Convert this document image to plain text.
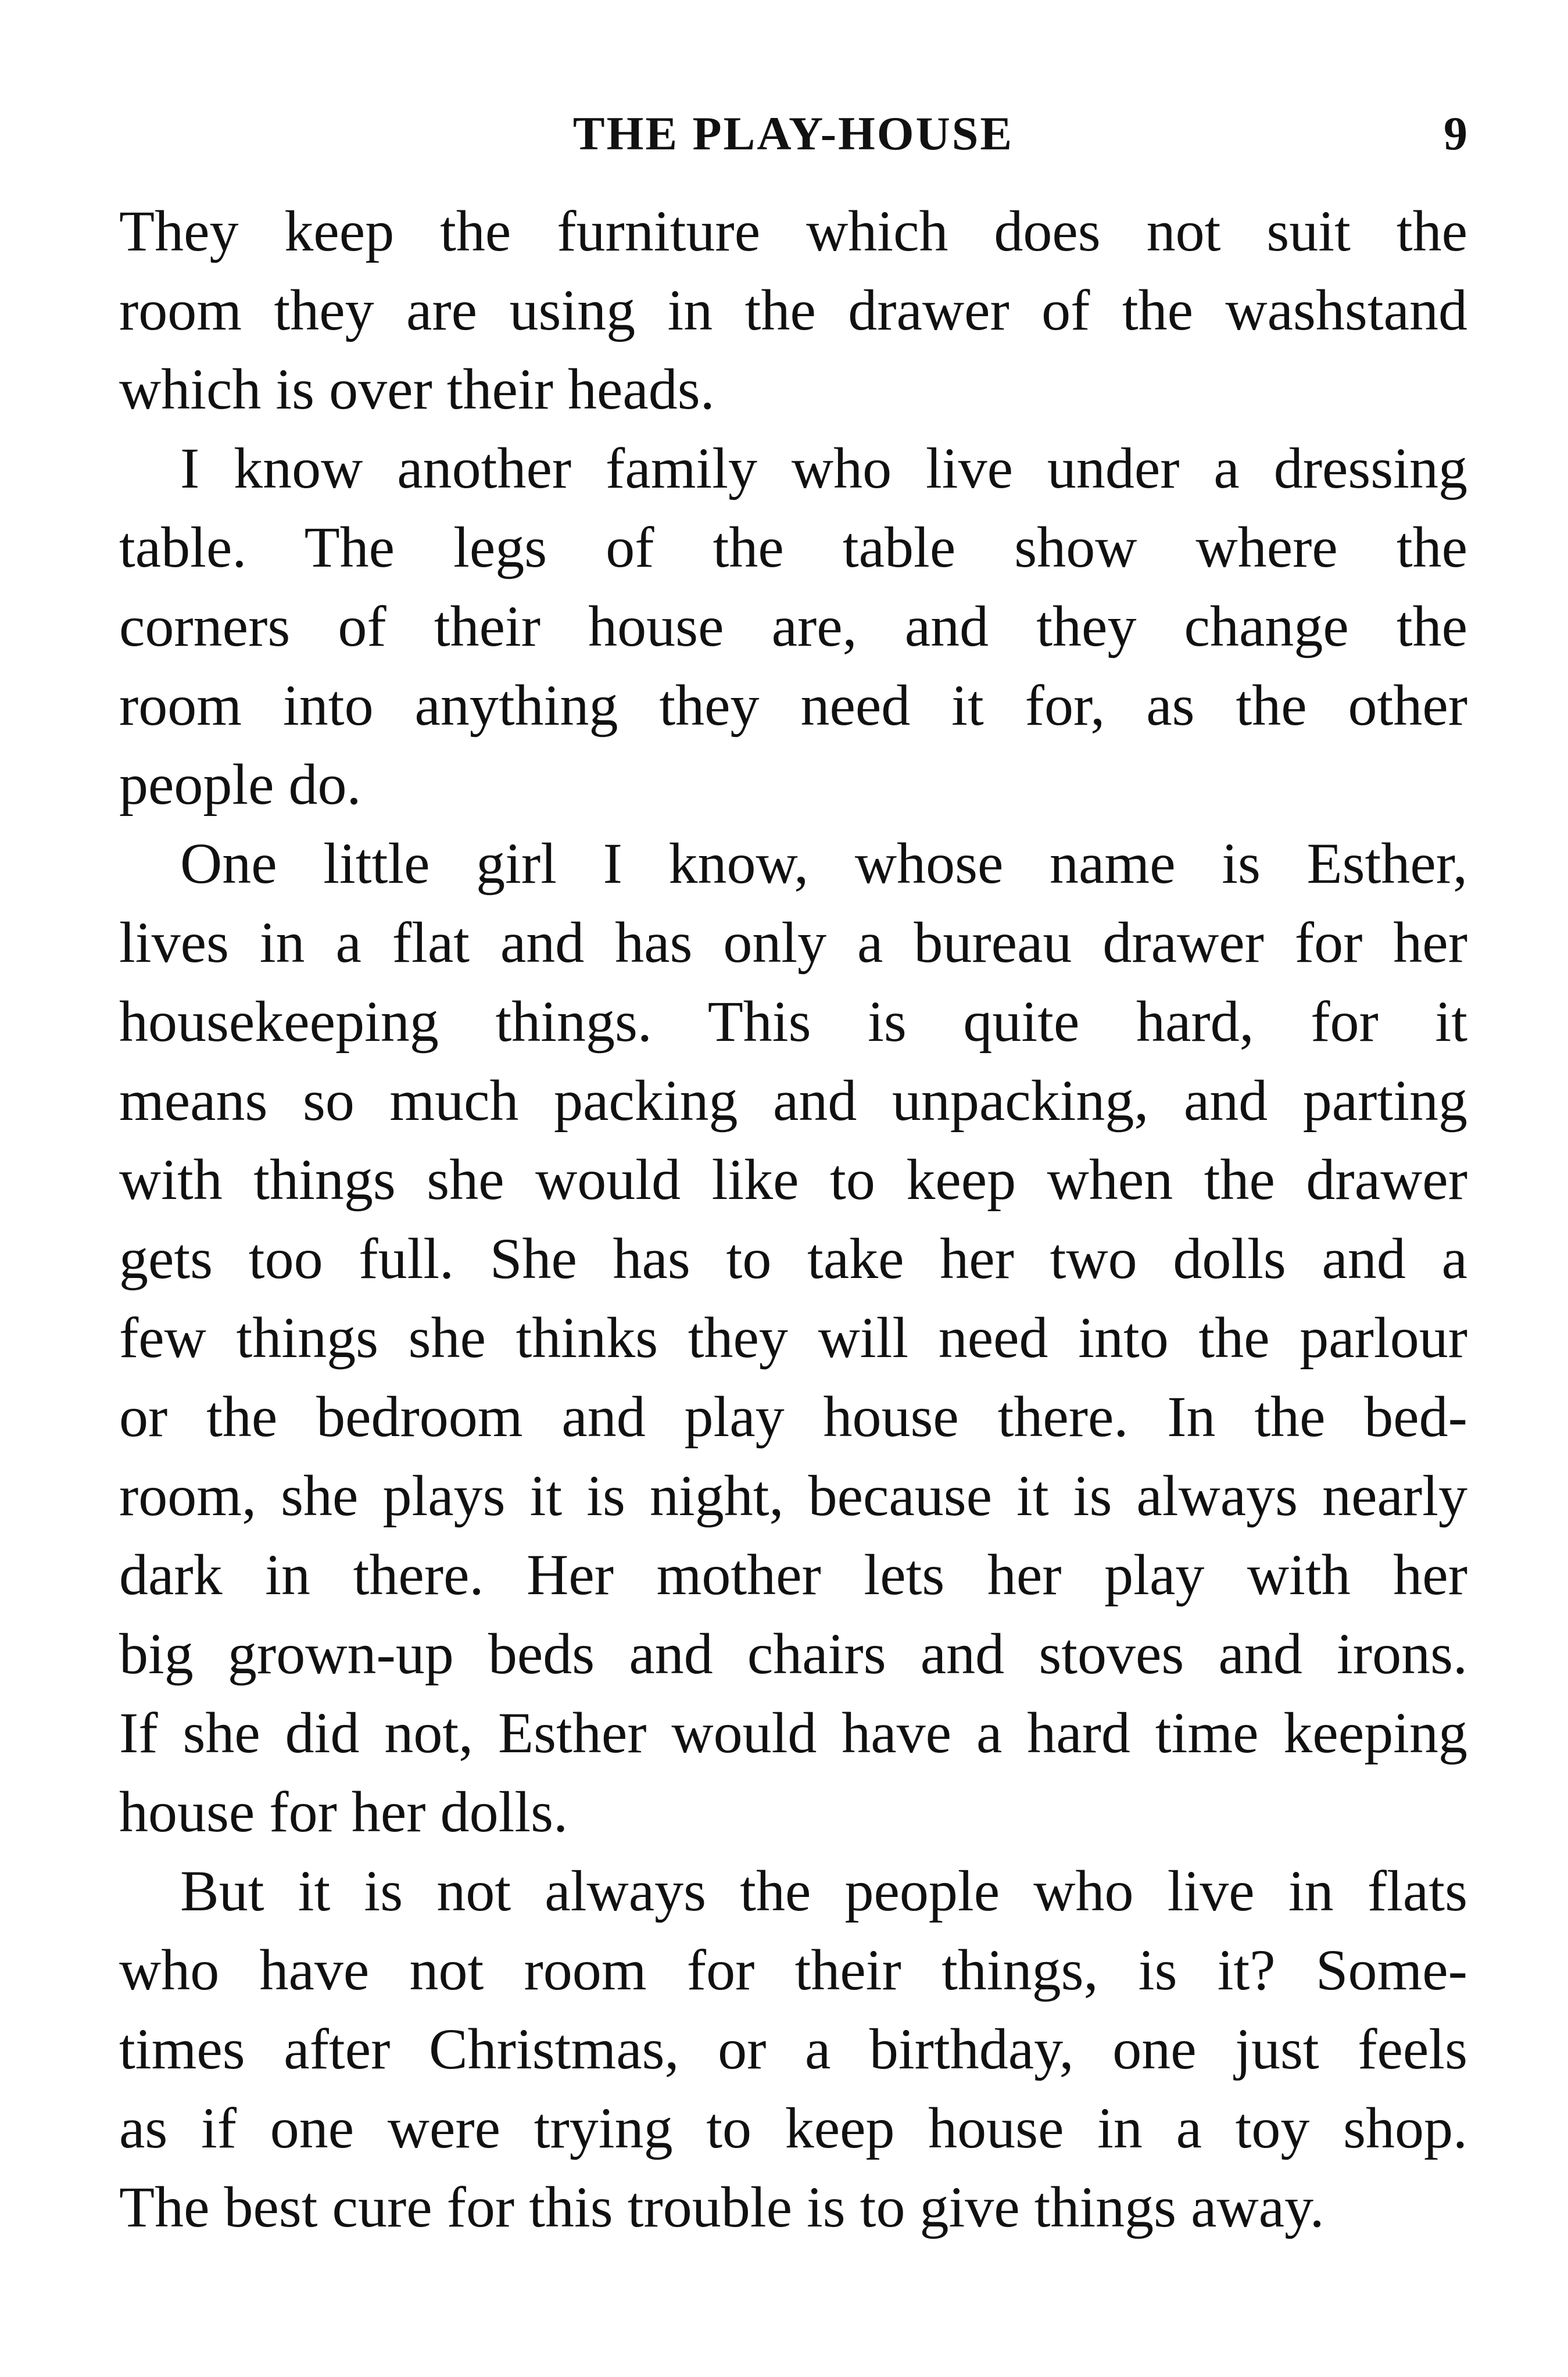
THE PLAY-HOUSE	9
They keep the furniture which does not suit the
room they are using in the drawer of the washstand
which is over their heads.
I know another family who live under a dressing
table. The legs of the table show where the
corners of their house are, and they change the
room into anything they need it for, as the other
people do.
One little girl I know, whose name is Esther,
lives in a flat and has only a bureau drawer for her
housekeeping things. This is quite hard, for it
means so much packing and unpacking, and parting
with things she would like to keep when the drawer
gets too full. She has to take her two dolls and a
few things she thinks they will need into the parlour
or the bedroom and play house there. In the bed-
room, she plays it is night, because it is always nearly
dark in there. Her mother lets her play with her
big grown-up beds and chairs and stoves and irons.
If she did not, Esther would have a hard time keeping
house for her dolls.
But it is not always the people who live in flats
who have not room for their things, is it? Some-
times after Christmas, or a birthday, one just feels
as if one were trying to keep house in a toy shop.
The best cure for this trouble is to give things away.
